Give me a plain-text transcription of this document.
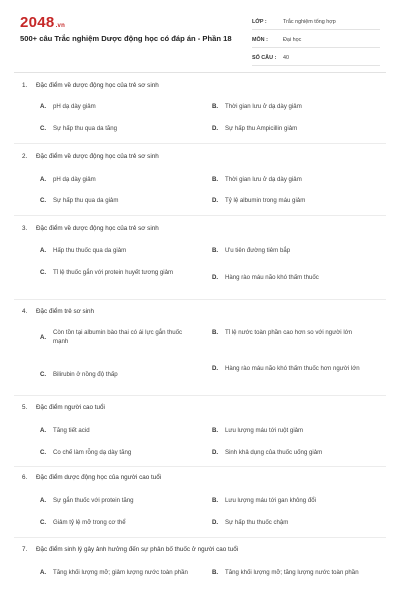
2048.vn
500+ câu Trắc nghiệm Dược động học có đáp án - Phần 18
LỚP :	Trắc nghiệm tổng hợp
MÔN :	Đại học
SỐ CÂU :	40
1. Đặc điểm về dược động học của trẻ sơ sinh
A.	pH dạ dày giảm	B.	Thời gian lưu ở dạ dày giảm
C.	Sự hấp thu qua da tăng	D.	Sự hấp thu Ampicillin giảm
2. Đặc điểm về dược động học của trẻ sơ sinh
A.	pH dạ dày giảm	B.	Thời gian lưu ở dạ dày giảm
C.	Sự hấp thu qua da giảm	D.	Tỷ lệ albumin trong máu giảm
3. Đặc điểm về dược động học của trẻ sơ sinh
A.	Hấp thu thuốc qua da giảm	B.	Ưu tiên đường tiêm bắp
C.	Tỉ lệ thuốc gắn với protein huyết tương giảm
D.	Hàng rào máu não khó thấm thuốc
4. Đặc điểm trẻ sơ sinh
A.
Còn tồn tại albumin bào thai có ái lực gắn thuốc mạnh
B.	Tỉ lệ nước toàn phần cao hơn so với người lớn
C.	Bilirubin ở nồng độ thấp
D.	Hàng rào máu não khó thấm thuốc hơn người lớn
5. Đặc điểm người cao tuổi
A.	Tăng tiết acid	B.	Lưu lượng máu tới ruột giảm
C.	Co chế làm rỗng dạ dày tăng	D.	Sinh khả dụng của thuốc uống giảm
6. Đặc điểm dược động học của người cao tuổi
A.	Sự gắn thuốc với protein tăng	B.	Lưu lượng máu tới gan không đổi
C.	Giảm tỷ lệ mỡ trong cơ thể	D.	Sự hấp thu thuốc chậm
7. Đặc điểm sinh lý gây ảnh hưởng đến sự phân bố thuốc ở người cao tuổi
A.	Tăng khối lượng mỡ; giảm lượng nước toàn phần	B.	Tăng khối lượng mỡ; tăng lượng nước toàn phần
